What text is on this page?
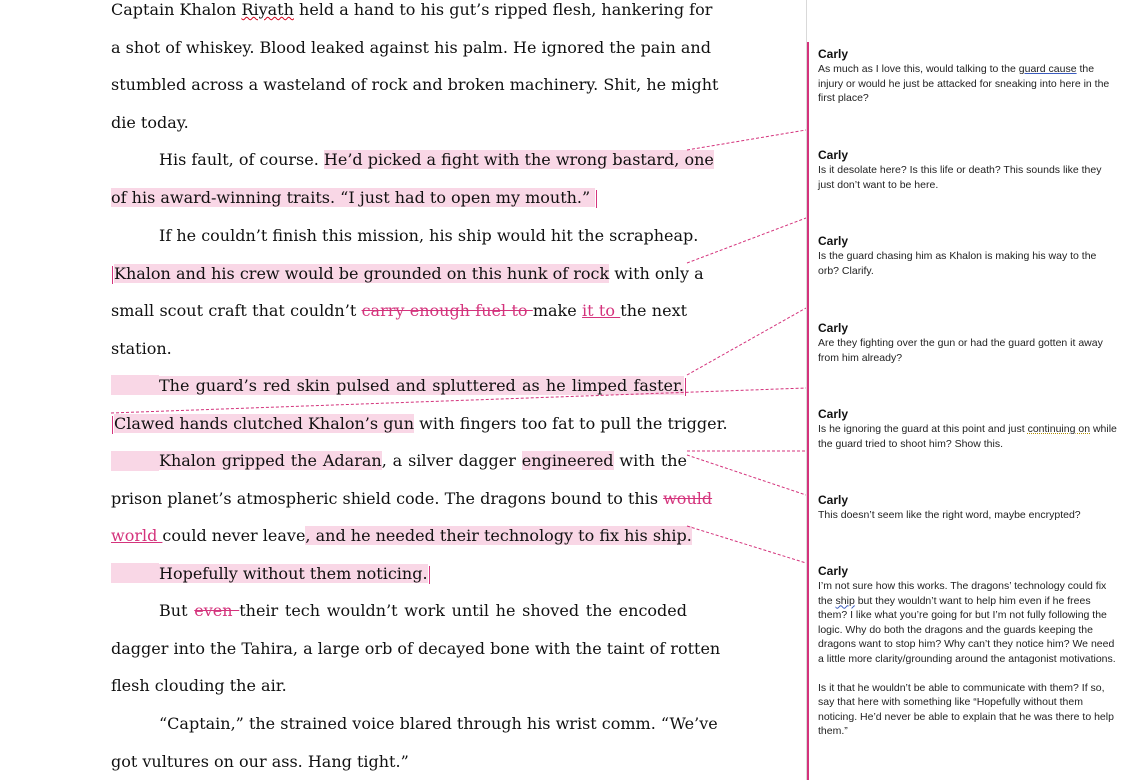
Captain Khalon Riyath held a hand to his gut’s ripped flesh, hankering for
a shot of whiskey. Blood leaked against his palm. He ignored the pain and
stumbled across a wasteland of rock and broken machinery. Shit, he might
die today.
His fault, of course. He’d picked a fight with the wrong bastard, one
of his award-winning traits. “I just had to open my mouth.”
If he couldn’t finish this mission, his ship would hit the scrapheap.
Khalon and his crew would be grounded on this hunk of rock with only a
small scout craft that couldn’t carry enough fuel to make it to the next
station.
The guard’s red skin pulsed and spluttered as he limped faster.
Clawed hands clutched Khalon’s gun with fingers too fat to pull the trigger.
Khalon gripped the Adaran, a silver dagger engineered with the
prison planet’s atmospheric shield code. The dragons bound to this would
world could never leave, and he needed their technology to fix his ship.
Hopefully without them noticing.
But even their tech wouldn’t work until he shoved the encoded
dagger into the Tahira, a large orb of decayed bone with the taint of rotten
flesh clouding the air.
“Captain,” the strained voice blared through his wrist comm. “We’ve
got vultures on our ass. Hang tight.”
Carly
As much as I love this, would talking to the guard cause the injury or would he just be attacked for sneaking into here in the first place?
Carly
Is it desolate here? Is this life or death? This sounds like they just don’t want to be here.
Carly
Is the guard chasing him as Khalon is making his way to the orb? Clarify.
Carly
Are they fighting over the gun or had the guard gotten it away from him already?
Carly
Is he ignoring the guard at this point and just continuing on while the guard tried to shoot him? Show this.
Carly
This doesn’t seem like the right word, maybe encrypted?
Carly
I’m not sure how this works. The dragons’ technology could fix the ship but they wouldn’t want to help him even if he frees them? I like what you’re going for but I’m not fully following the logic. Why do both the dragons and the guards keeping the dragons want to stop him? Why can’t they notice him? We need a little more clarity/grounding around the antagonist motivations.
Is it that he wouldn’t be able to communicate with them? If so, say that here with something like “Hopefully without them noticing. He’d never be able to explain that he was there to help them.”
